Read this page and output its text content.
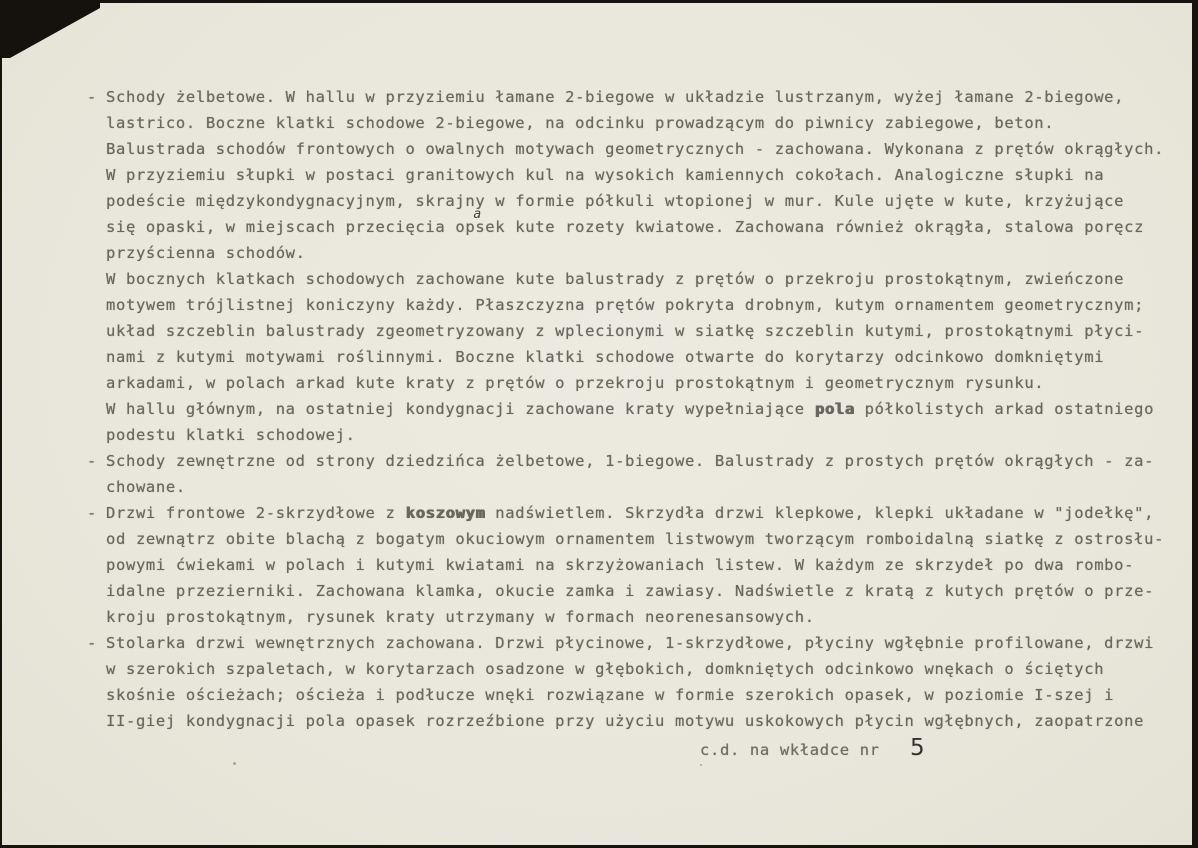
- Schody żelbetowe. W hallu w przyziemiu łamane 2-biegowe w układzie lustrzanym, wyżej łamane 2-biegowe,
lastrico. Boczne klatki schodowe 2-biegowe, na odcinku prowadzącym do piwnicy zabiegowe, beton.
Balustrada schodów frontowych o owalnych motywach geometrycznych - zachowana. Wykonana z prętów okrągłych.
W przyziemiu słupki w postaci granitowych kul na wysokich kamiennych cokołach. Analogiczne słupki na
podeście międzykondygnacyjnym, skrajny w formie półkuli wtopionej w mur. Kule ujęte w kute, krzyżujące
się opaski, w miejscach przecięcia op
a
sek kute rozety kwiatowe. Zachowana również okrągła, stalowa poręcz
przyścienna schodów.
W bocznych klatkach schodowych zachowane kute balustrady z prętów o przekroju prostokątnym, zwieńczone
motywem trójlistnej koniczyny każdy. Płaszczyzna prętów pokryta drobnym, kutym ornamentem geometrycznym;
układ szczeblin balustrady zgeometryzowany z wplecionymi w siatkę szczeblin kutymi, prostokątnymi płyci-
nami z kutymi motywami roślinnymi. Boczne klatki schodowe otwarte do korytarzy odcinkowo domkniętymi
arkadami, w polach arkad kute kraty z prętów o przekroju prostokątnym i geometrycznym rysunku.
W hallu głównym, na ostatniej kondygnacji zachowane kraty wypełniające pola półkolistych arkad ostatniego
podestu klatki schodowej.
- Schody zewnętrzne od strony dziedzińca żelbetowe, 1-biegowe. Balustrady z prostych prętów okrągłych - za-
chowane.
- Drzwi frontowe 2-skrzydłowe z koszowym nadświetlem. Skrzydła drzwi klepkowe, klepki układane w "jodełkę",
od zewnątrz obite blachą z bogatym okuciowym ornamentem listwowym tworzącym romboidalną siatkę z ostrosłu-
powymi ćwiekami w polach i kutymi kwiatami na skrzyżowaniach listew. W każdym ze skrzydeł po dwa rombo-
idalne przezierniki. Zachowana klamka, okucie zamka i zawiasy. Nadświetle z kratą z kutych prętów o prze-
kroju prostokątnym, rysunek kraty utrzymany w formach neorenesansowych.
- Stolarka drzwi wewnętrznych zachowana. Drzwi płycinowe, 1-skrzydłowe, płyciny wgłębnie profilowane, drzwi
w szerokich szpaletach, w korytarzach osadzone w głębokich, domkniętych odcinkowo wnękach o ściętych
skośnie ościeżach; ościeża i podłucze wnęki rozwiązane w formie szerokich opasek, w poziomie I-szej i
II-giej kondygnacji pola opasek rozrzeźbione przy użyciu motywu uskokowych płycin wgłębnych, zaopatrzone
c.d. na wkładce nr 5
